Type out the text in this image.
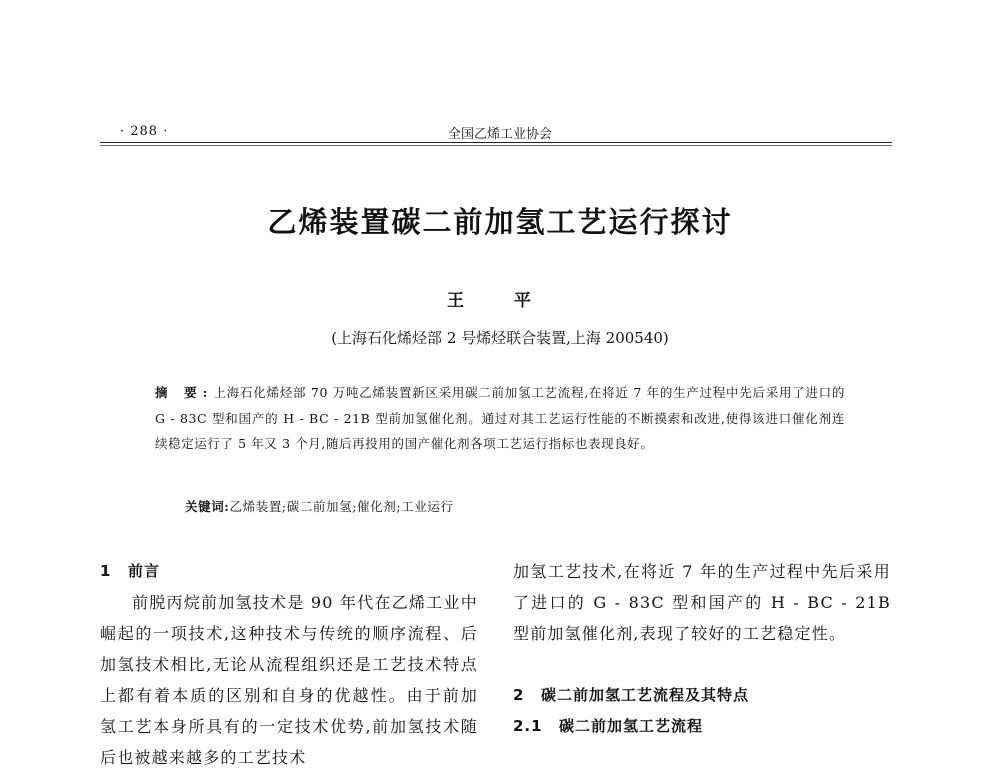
· 288 ·	全国乙烯工业协会
乙烯装置碳二前加氢工艺运行探讨
王 平
(上海石化烯烃部 2 号烯烃联合装置,上海 200540)
摘 要:上海石化烯烃部 70 万吨乙烯装置新区采用碳二前加氢工艺流程,在将近 7 年的生产过程中先后采用了进口的 G - 83C 型和国产的 H - BC - 21B 型前加氢催化剂。通过对其工艺运行性能的不断摸索和改进,使得该进口催化剂连续稳定运行了 5 年又 3 个月,随后再投用的国产催化剂各项工艺运行指标也表现良好。
关键词:乙烯装置;碳二前加氢;催化剂;工业运行
1 前言

前脱丙烷前加氢技术是 90 年代在乙烯工业中崛起的一项技术,这种技术与传统的顺序流程、后加氢技术相比,无论从流程组织还是工艺技术特点上都有着本质的区别和自身的优越性。由于前加氢工艺本身所具有的一定技术优势,前加氢技术随后也被越来越多的工艺技术

加氢工艺技术,在将近 7 年的生产过程中先后采用了进口的 G - 83C 型和国产的 H - BC - 21B 型前加氢催化剂,表现了较好的工艺稳定性。

2 碳二前加氢工艺流程及其特点
2.1 碳二前加氢工艺流程
